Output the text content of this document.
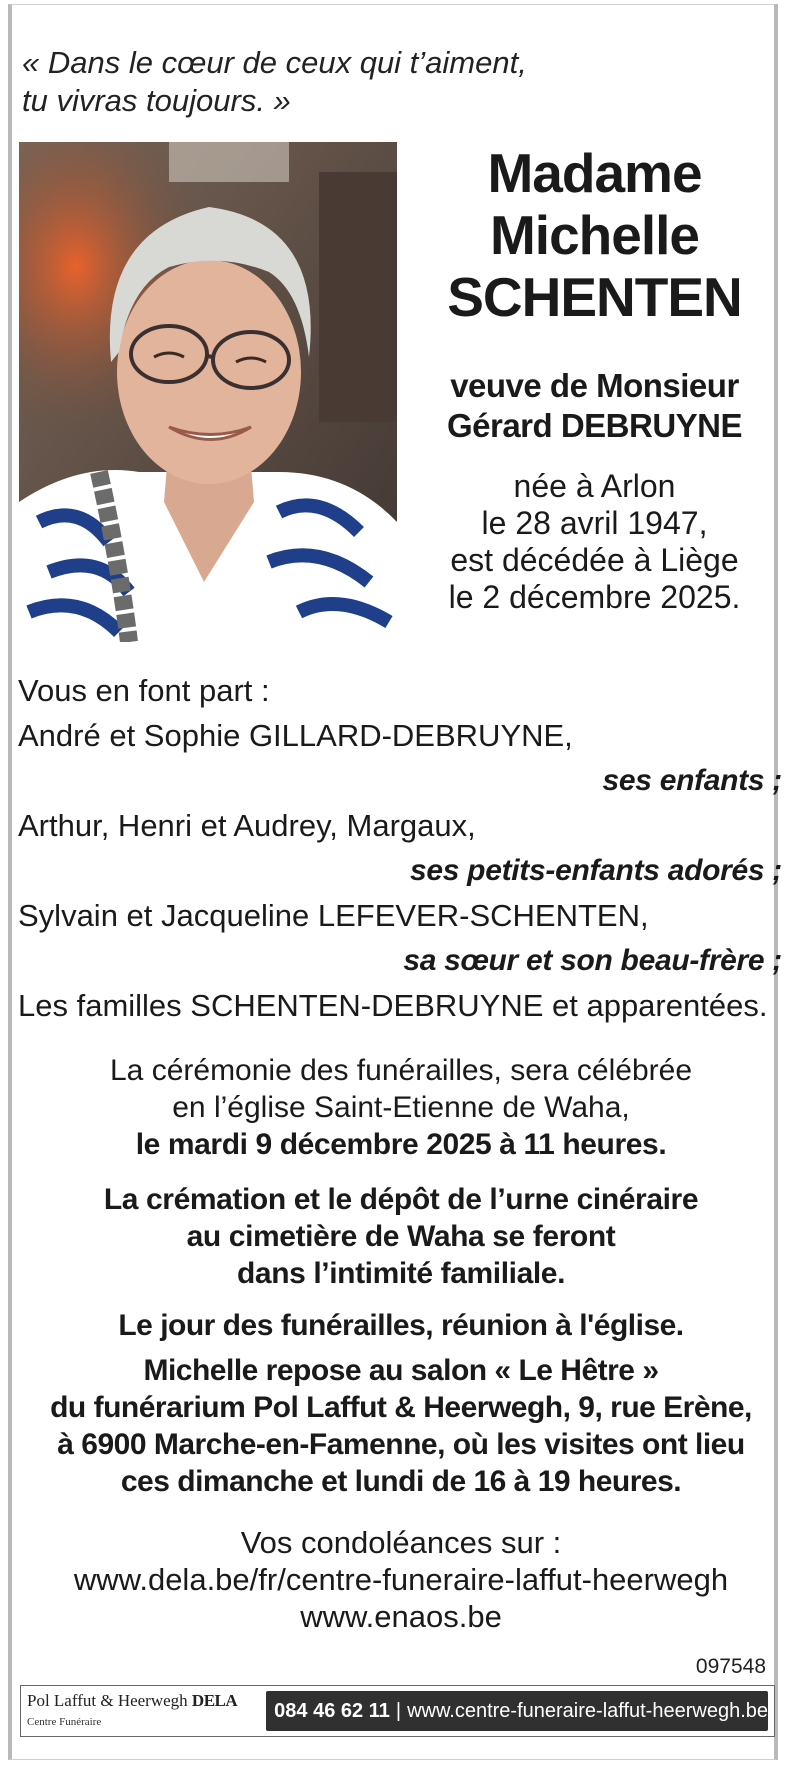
« Dans le cœur de ceux qui t’aiment,
tu vivras toujours. »

Madame
Michelle
SCHENTEN
veuve de Monsieur
Gérard DEBRUYNE
née à Arlon
le 28 avril 1947,
est décédée à Liège
le 2 décembre 2025.
Vous en font part :
André et Sophie GILLARD-DEBRUYNE,
ses enfants ;
Arthur, Henri et Audrey, Margaux,
ses petits-enfants adorés ;
Sylvain et Jacqueline LEFEVER-SCHENTEN,
sa sœur et son beau-frère ;
Les familles SCHENTEN-DEBRUYNE et apparentées.
La cérémonie des funérailles, sera célébrée
en l’église Saint-Etienne de Waha,
le mardi 9 décembre 2025 à 11 heures.
La crémation et le dépôt de l’urne cinéraire
au cimetière de Waha se feront
dans l’intimité familiale.
Le jour des funérailles, réunion à l'église.
Michelle repose au salon « Le Hêtre »
du funérarium Pol Laffut & Heerwegh, 9, rue Erène,
à 6900 Marche-en-Famenne, où les visites ont lieu
ces dimanche et lundi de 16 à 19 heures.
Vos condoléances sur :
www.dela.be/fr/centre-funeraire-laffut-heerwegh
www.enaos.be
097548
Pol Laffut & Heerwegh DELA
Centre Funéraire	084 46 62 11 | www.centre-funeraire-laffut-heerwegh.be
